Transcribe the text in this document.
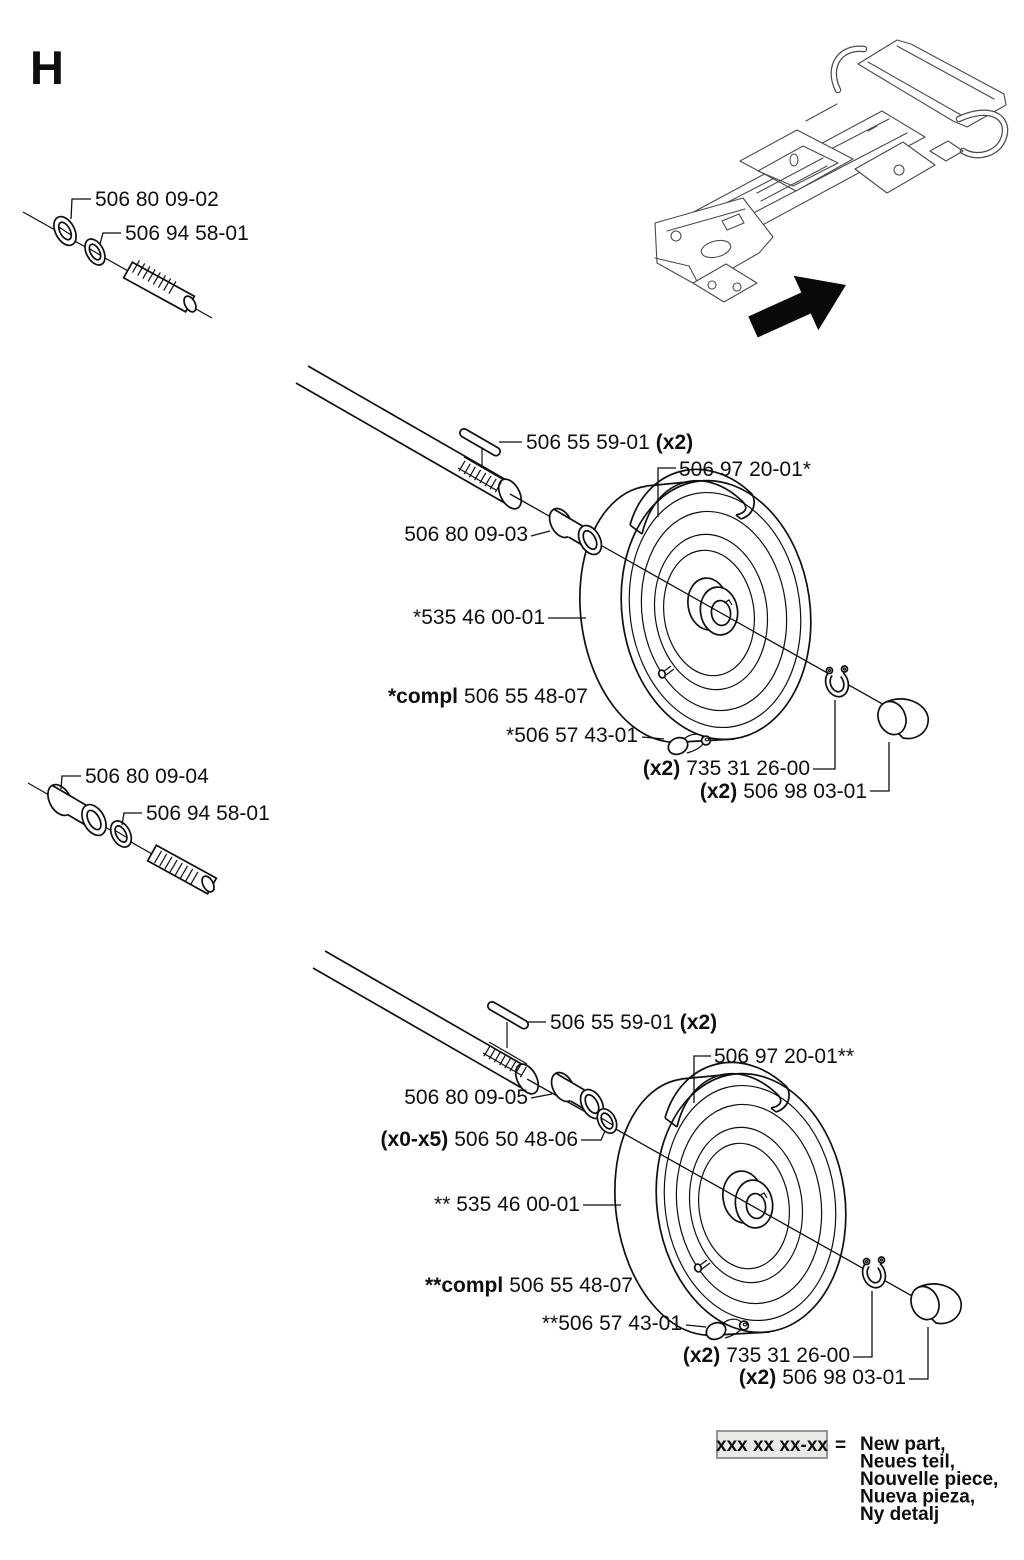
H
506 80 09-02
506 94 58-01
506 80 09-04
506 94 58-01
506 55 59-01 (x2)
506 97 20-01*
506 80 09-03
*535 46 00-01
*compl 506 55 48-07
*506 57 43-01
(x2) 735 31 26-00
(x2) 506 98 03-01
506 55 59-01 (x2)
506 97 20-01**
506 80 09-05
(x0-x5) 506 50 48-06
** 535 46 00-01
**compl 506 55 48-07
**506 57 43-01
(x2) 735 31 26-00
(x2) 506 98 03-01
xxx xx xx-xx = New part,
Neues teil,
Nouvelle piece,
Nueva pieza,
Ny detalj
